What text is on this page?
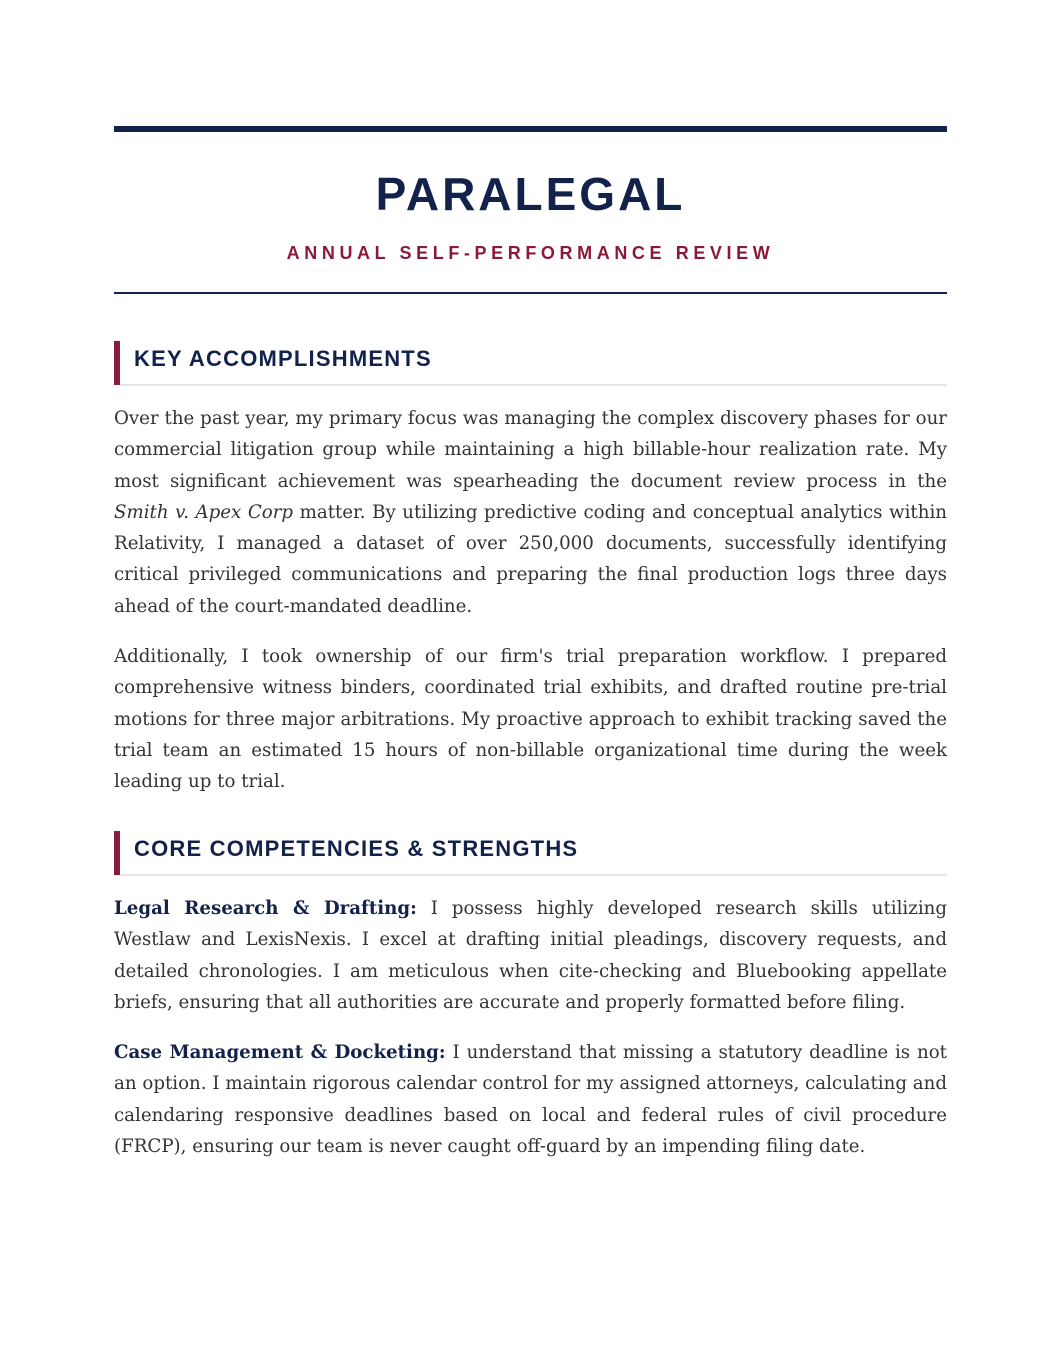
PARALEGAL
ANNUAL SELF-PERFORMANCE REVIEW
KEY ACCOMPLISHMENTS

Over the past year, my primary focus was managing the complex discovery phases for our commercial litigation group while maintaining a high billable-hour realization rate. My most significant achievement was spearheading the document review process in the Smith v. Apex Corp matter. By utilizing predictive coding and conceptual analytics within Relativity, I managed a dataset of over 250,000 documents, successfully identifying critical privileged communications and preparing the final production logs three days ahead of the court-mandated deadline.

Additionally, I took ownership of our firm's trial preparation workflow. I prepared comprehensive witness binders, coordinated trial exhibits, and drafted routine pre-trial motions for three major arbitrations. My proactive approach to exhibit tracking saved the trial team an estimated 15 hours of non-billable organizational time during the week leading up to trial.

CORE COMPETENCIES & STRENGTHS

Legal Research & Drafting: I possess highly developed research skills utilizing Westlaw and LexisNexis. I excel at drafting initial pleadings, discovery requests, and detailed chronologies. I am meticulous when cite-checking and Bluebooking appellate briefs, ensuring that all authorities are accurate and properly formatted before filing.

Case Management & Docketing: I understand that missing a statutory deadline is not an option. I maintain rigorous calendar control for my assigned attorneys, calculating and calendaring responsive deadlines based on local and federal rules of civil procedure (FRCP), ensuring our team is never caught off-guard by an impending filing date.
